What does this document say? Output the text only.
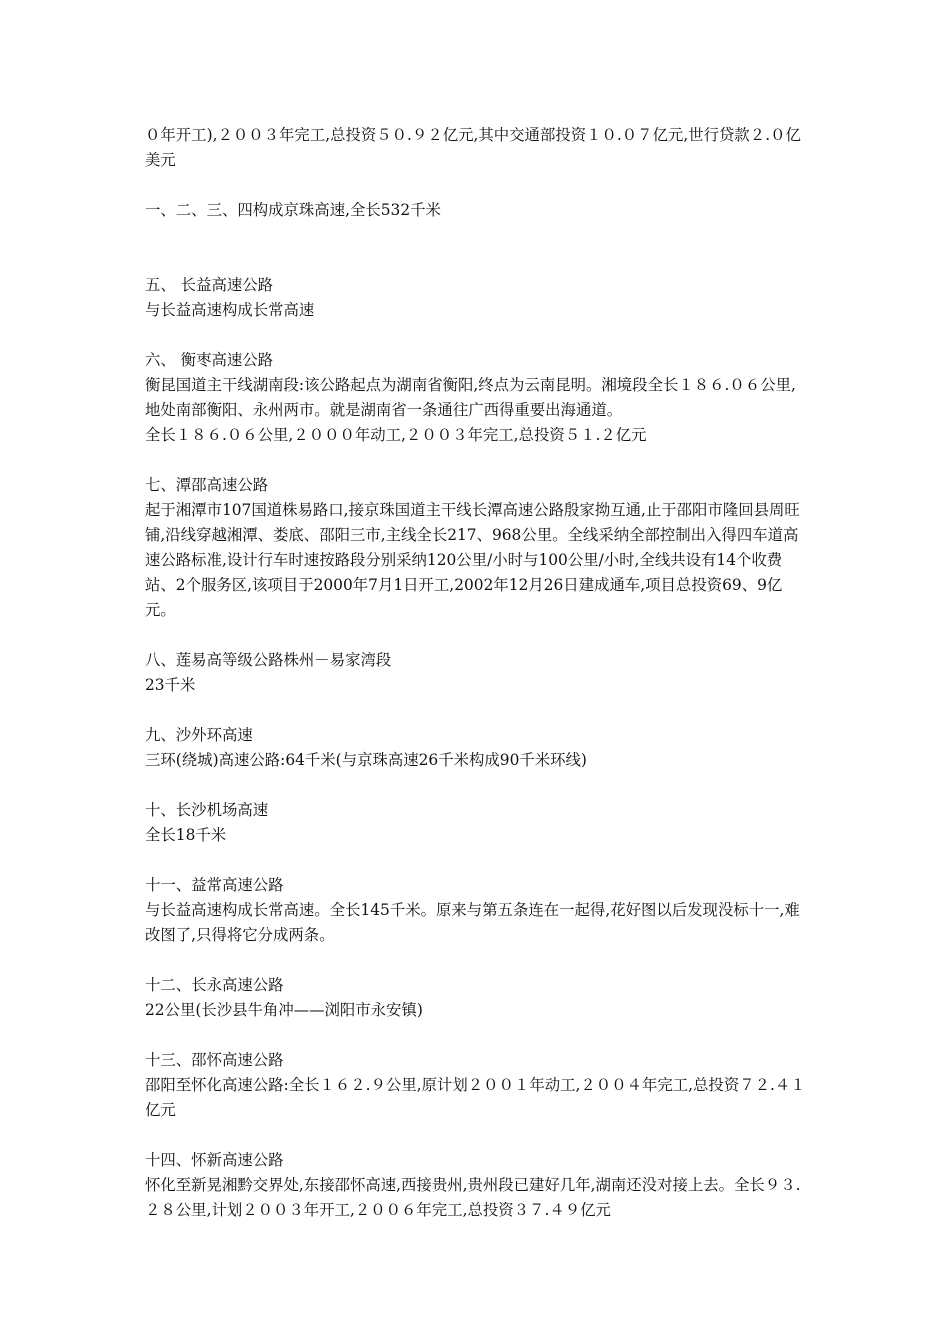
０年开工),２００３年完工,总投资５０.９２亿元,其中交通部投资１０.０７亿元,世行贷款２.０亿美元

一、二、三、四构成京珠高速,全长532千米

五、 长益高速公路

与长益高速构成长常高速

六、 衡枣高速公路

衡昆国道主干线湖南段:该公路起点为湖南省衡阳,终点为云南昆明。湘境段全长１８６.０６公里,地处南部衡阳、永州两市。就是湖南省一条通往广西得重要出海通道。

全长１８６.０６公里,２０００年动工,２００３年完工,总投资５１.２亿元

七、潭邵高速公路

起于湘潭市107国道株易路口,接京珠国道主干线长潭高速公路殷家拗互通,止于邵阳市隆回县周旺铺,沿线穿越湘潭、娄底、邵阳三市,主线全长217、968公里。全线采纳全部控制出入得四车道高速公路标准,设计行车时速按路段分别采纳120公里/小时与100公里/小时,全线共设有14个收费站、2个服务区,该项目于2000年7月1日开工,2002年12月26日建成通车,项目总投资69、9亿元。

八、莲易高等级公路株州－易家湾段

23千米

九、沙外环高速

三环(绕城)高速公路:64千米(与京珠高速26千米构成90千米环线)

十、长沙机场高速

全长18千米

十一、益常高速公路

与长益高速构成长常高速。全长145千米。原来与第五条连在一起得,花好图以后发现没标十一,难改图了,只得将它分成两条。

十二、长永高速公路

22公里(长沙县牛角冲——浏阳市永安镇)

十三、邵怀高速公路

邵阳至怀化高速公路:全长１６２.９公里,原计划２００１年动工,２００４年完工,总投资７２.４１亿元

十四、怀新高速公路

怀化至新晃湘黔交界处,东接邵怀高速,西接贵州,贵州段已建好几年,湖南还没对接上去。全长９３.２８公里,计划２００３年开工,２００６年完工,总投资３７.４９亿元
